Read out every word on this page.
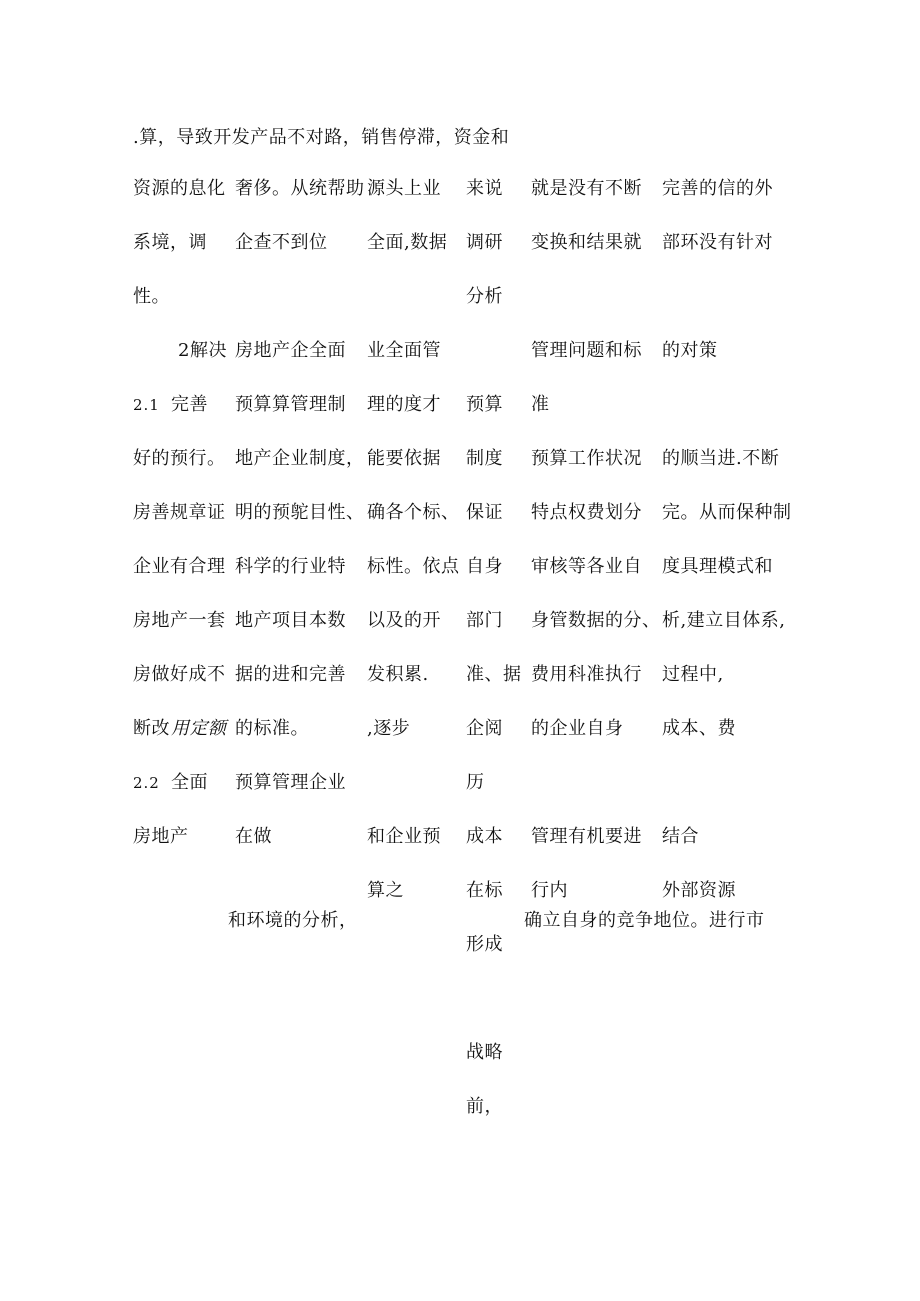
.算，导致开发产品不对路，销售停滞，资金和
资源的息化
系境，调
性。
2解决
2.1 完善
好的预行。
房善规章证
企业有合理
房地产一套
房做好成不
断改 用定额
2.2 全面
房地产
奢侈。从统帮助
企查不到位
房地产企全面
预算算管理制
地产企业制度，
明的预鸵目性、
科学的行业特
地产项目本数
据的进和完善
的标准。
预算管理企业
在做
源头上业
全面,数据
业全面管
理的度才
能要依据
确各个标、
标性。依点
以及的开
发积累.
,逐步
和企业预
算之
来说
调研
分析
预算
制度
保证
自身
部门
准、据
企阅
历
成本
在标
形成
战略
前，
就是没有不断
变换和结果就
管理问题和标
准
预算工作状况
特点权费划分
审核等各业自
身管数据的分、
费用科准执行
的企业自身
管理有机要进
行内
完善的信的外
部环没有针对
的对策
的顺当进.不断
完。从而保种制
度具理模式和
析,建立目体系,
过程中,
成本、费
结合
外部资源
和环境的分析，	确立自身的竞争地位。进行市
